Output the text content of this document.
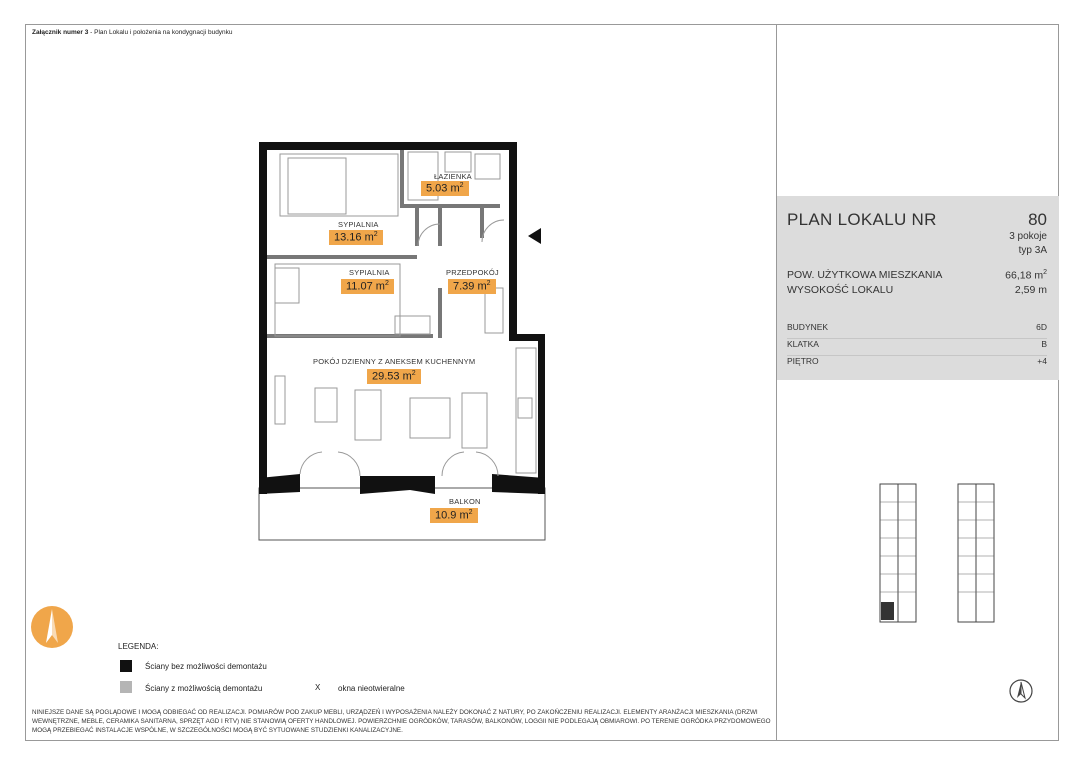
Załącznik numer 3 - Plan Lokalu i położenia na kondygnacji budynku
ŁAZIENKA
5.03 $m^2$
SYPIALNIA
13.16 $m^2$
SYPIALNIA
11.07 $m^2$
PRZEDPOKÓJ
7.39 $m^2$
POKÓJ DZIENNY Z ANEKSEM KUCHENNYM
29.53 $m^2$
BALKON
10.9 $m^2$
PLAN LOKALU NR	80
3 pokoje
typ 3A
POW. UŻYTKOWA MIESZKANIA	66,18 $m^2$
WYSOKOŚĆ LOKALU	2,59 m
BUDYNEK	6D
KLATKA	B
PIĘTRO	+4
LEGENDA:
Ściany bez możliwości demontażu
Ściany z możliwością demontażu	X okna nieotwieralne
NINIEJSZE DANE SĄ POGLĄDOWE I MOGĄ ODBIEGAĆ OD REALIZACJI. POMIARÓW POD ZAKUP MEBLI, URZĄDZEŃ I WYPOSAŻENIA NALEŻY DOKONAĆ Z NATURY, PO ZAKOŃCZENIU REALIZACJI. ELEMENTY ARANŻACJI MIESZKANIA (DRZWI WEWNĘTRZNE, MEBLE, CERAMIKA SANITARNA, SPRZĘT AGD I RTV) NIE STANOWIĄ OFERTY HANDLOWEJ. POWIERZCHNIE OGRÓDKÓW, TARASÓW, BALKONÓW, LOGGII NIE PODLEGAJĄ OBMIAROWI. PO TERENIE OGRÓDKA PRZYDOMOWEGO MOGĄ PRZEBIEGAĆ INSTALACJE WSPÓLNE, W SZCZEGÓLNOŚCI MOGĄ BYĆ SYTUOWANE STUDZIENKI KANALIZACYJNE.
